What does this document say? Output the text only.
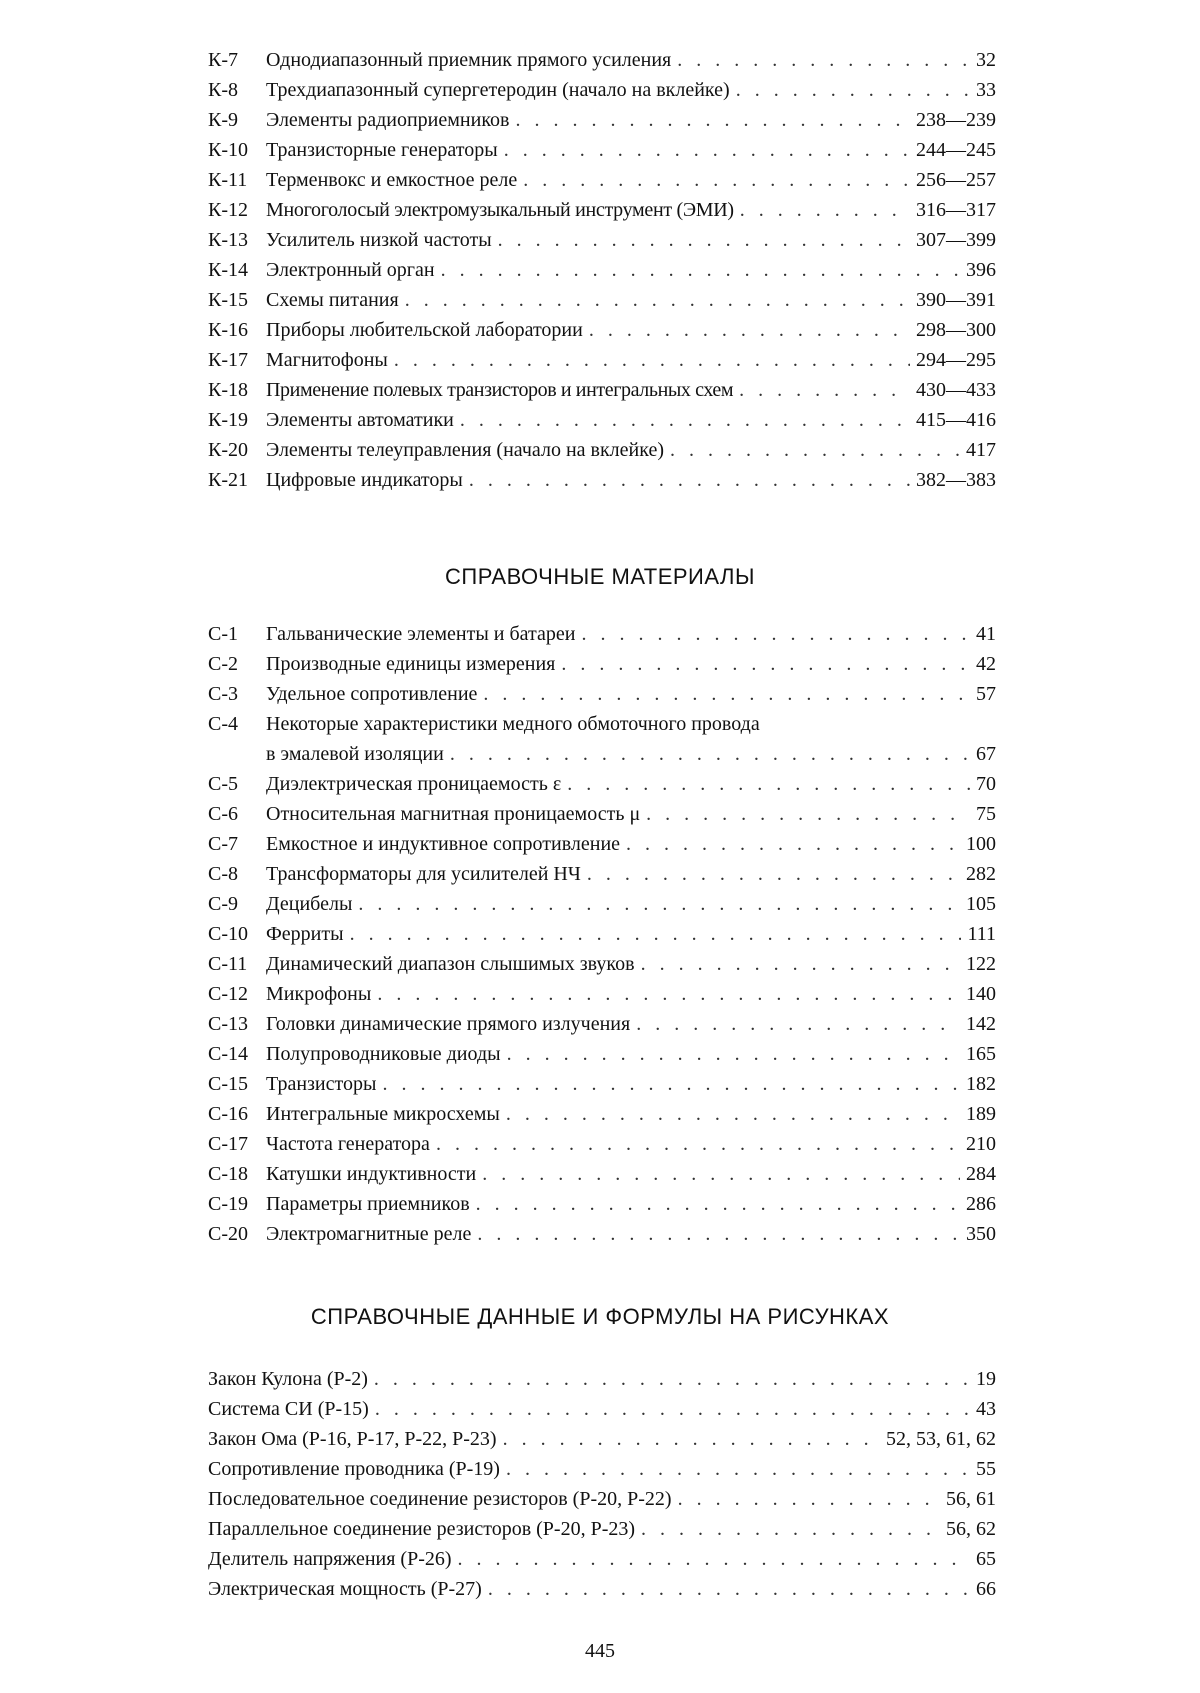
К-7	Однодиапазонный приемник прямого усиления . . .	32
К-8	Трехдиапазонный супергетеродин (начало на вклейке) . . .	33
К-9	Элементы радиоприемников . . .	238—239
К-10 Транзисторные генераторы . . .	244—245
К-11 Терменвокс и емкостное реле . . .	256—257
К-12 Многоголосый электромузыкальный инструмент (ЭМИ) . . .	316—317
К-13 Усилитель низкой частоты . . .	307—399
К-14 Электронный орган . . .	396
К-15 Схемы питания . . .	390—391
К-16 Приборы любительской лаборатории . . .	298—300
К-17 Магнитофоны . . .	294—295
К-18 Применение полевых транзисторов и интегральных схем . . .	430—433
К-19 Элементы автоматики . . .	415—416
К-20 Элементы телеуправления (начало на вклейке) . . .	417
К-21 Цифровые индикаторы . . .	382—383
СПРАВОЧНЫЕ МАТЕРИАЛЫ
С-1	Гальванические элементы и батареи . . .	41
С-2	Производные единицы измерения . . .	42
С-3	Удельное сопротивление . . .	57
С-4	Некоторые характеристики медного обмоточного провода
в эмалевой изоляции . . .	67
С-5	Диэлектрическая проницаемость ε . . .	70
С-6	Относительная магнитная проницаемость μ . . .	75
С-7	Емкостное и индуктивное сопротивление . . .	100
С-8	Трансформаторы для усилителей НЧ . . .	282
С-9	Децибелы . . .	105
С-10 Ферриты . . .	111
С-11 Динамический диапазон слышимых звуков . . .	122
С-12 Микрофоны . . .	140
С-13 Головки динамические прямого излучения . . .	142
С-14 Полупроводниковые диоды . . .	165
С-15 Транзисторы . . .	182
С-16 Интегральные микросхемы . . .	189
С-17 Частота генератора . . .	210
С-18 Катушки индуктивности . . .	284
С-19 Параметры приемников . . .	286
С-20 Электромагнитные реле . . .	350
СПРАВОЧНЫЕ ДАННЫЕ И ФОРМУЛЫ НА РИСУНКАХ
Закон Кулона (Р-2) . . .	19
Система СИ (Р-15) . . .	43
Закон Ома (Р-16, Р-17, Р-22, Р-23) . . .	52, 53, 61, 62
Сопротивление проводника (Р-19) . . .	55
Последовательное соединение резисторов (Р-20, Р-22) . . .	56, 61
Параллельное соединение резисторов (Р-20, Р-23) . . .	56, 62
Делитель напряжения (Р-26) . . .	65
Электрическая мощность (Р-27) . . .	66
445
